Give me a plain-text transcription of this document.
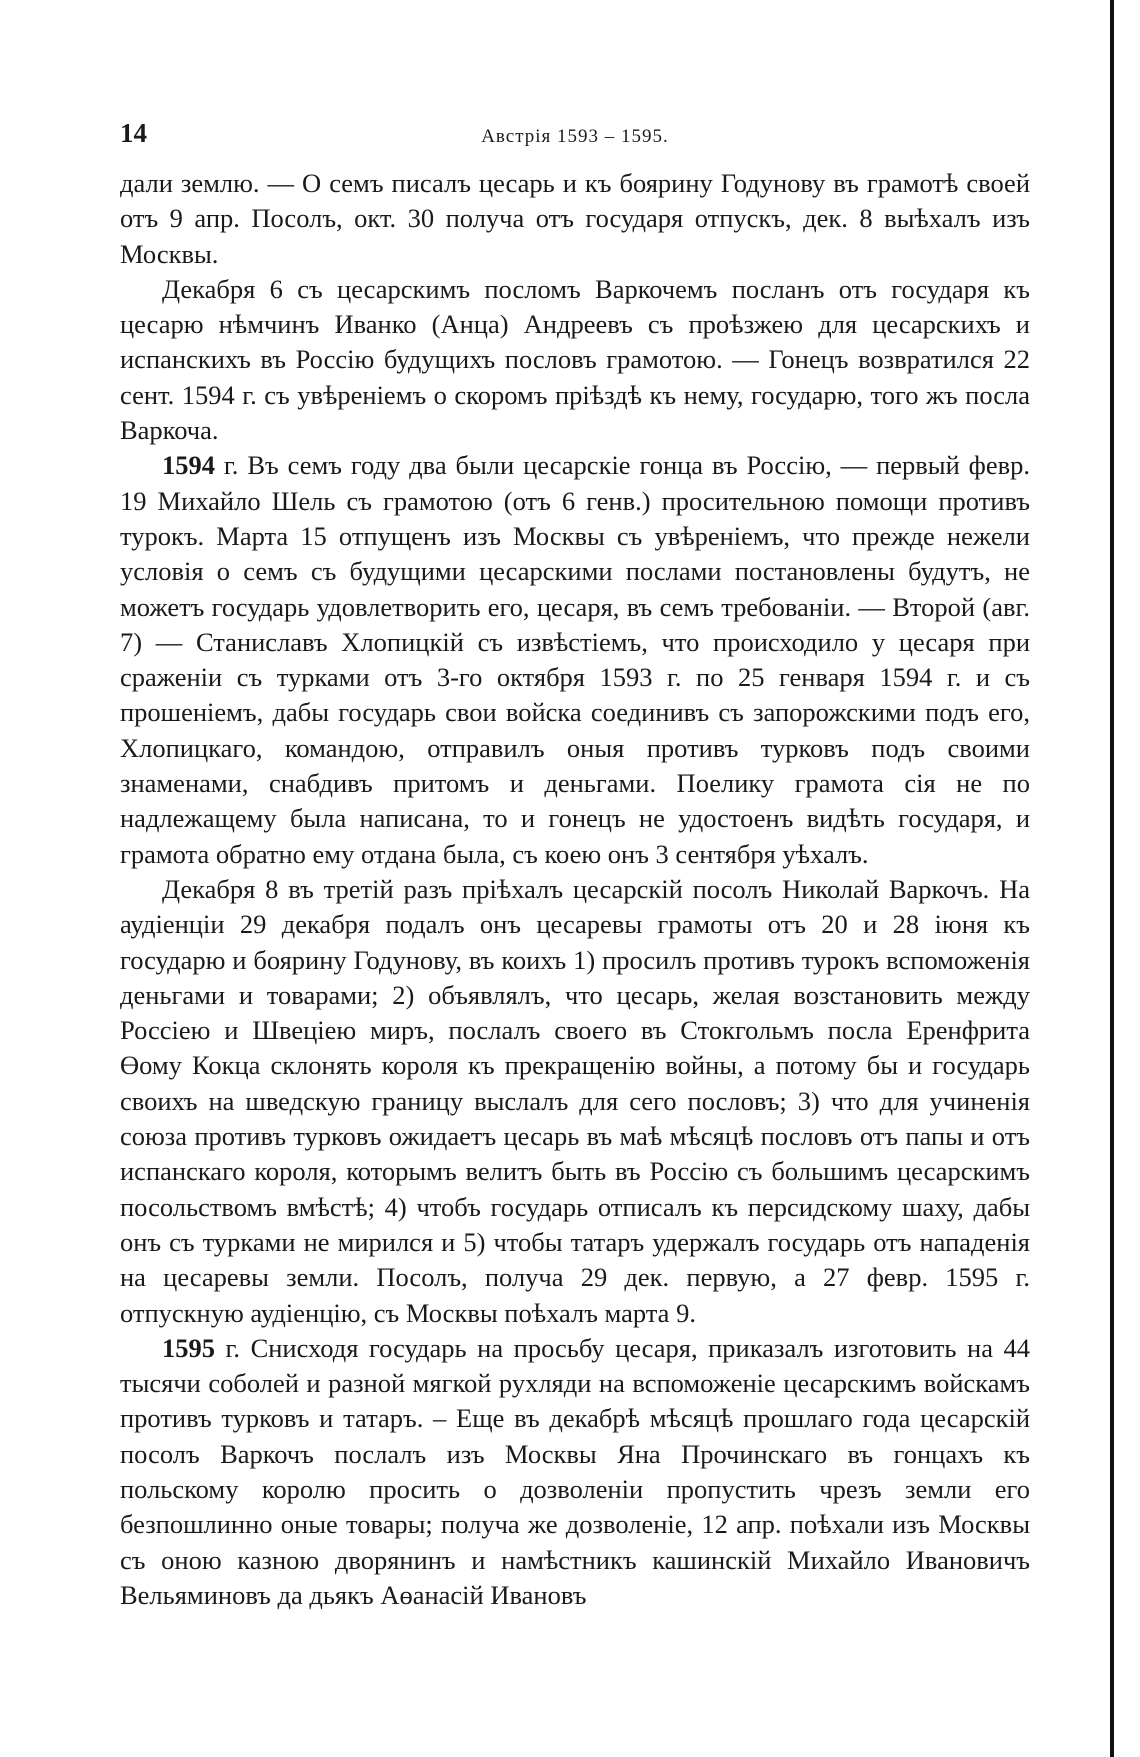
14	Австрія 1593 – 1595.

дали землю. — О семъ писалъ цесарь и къ боярину Годунову въ грамотѣ своей отъ 9 апр. Посолъ, окт. 30 получа отъ государя отпускъ, дек. 8 выѣхалъ изъ Москвы.

Декабря 6 съ цесарскимъ посломъ Варкочемъ посланъ отъ государя къ цесарю нѣмчинъ Иванко (Анца) Андреевъ съ проѣзжею для цесарскихъ и испанскихъ въ Россію будущихъ пословъ грамотою. — Гонецъ возвратился 22 сент. 1594 г. съ увѣреніемъ о скоромъ пріѣздѣ къ нему, государю, того жъ посла Варкоча.

1594 г. Въ семъ году два были цесарскіе гонца въ Россію, — первый февр. 19 Михайло Шель съ грамотою (отъ 6 генв.) просительною помощи противъ турокъ. Марта 15 отпущенъ изъ Москвы съ увѣреніемъ, что прежде нежели условія о семъ съ будущими цесарскими послами постановлены будутъ, не можетъ государь удовлетворить его, цесаря, въ семъ требованіи. — Второй (авг. 7) — Станиславъ Хлопицкій съ извѣстіемъ, что происходило у цесаря при сраженіи съ турками отъ 3-го октября 1593 г. по 25 генваря 1594 г. и съ прошеніемъ, дабы государь свои войска соединивъ съ запорожскими подъ его, Хлопицкаго, командою, отправилъ оныя противъ турковъ подъ своими знаменами, снабдивъ притомъ и деньгами. Поелику грамота сія не по надлежащему была написана, то и гонецъ не удостоенъ видѣть государя, и грамота обратно ему отдана была, съ коею онъ 3 сентября уѣхалъ.

Декабря 8 въ третій разъ пріѣхалъ цесарскій посолъ Николай Варкочъ. На аудіенціи 29 декабря подалъ онъ цесаревы грамоты отъ 20 и 28 іюня къ государю и боярину Годунову, въ коихъ 1) просилъ противъ турокъ вспоможенія деньгами и товарами; 2) объявлялъ, что цесарь, желая возстановить между Россіею и Швеціею миръ, послалъ своего въ Стокгольмъ посла Еренфрита Өому Кокца склонять короля къ прекращенію войны, а потому бы и государь своихъ на шведскую границу выслалъ для сего пословъ; 3) что для учиненія союза противъ турковъ ожидаетъ цесарь въ маѣ мѣсяцѣ пословъ отъ папы и отъ испанскаго короля, которымъ велитъ быть въ Россію съ большимъ цесарскимъ посольствомъ вмѣстѣ; 4) чтобъ государь отписалъ къ персидскому шаху, дабы онъ съ турками не мирился и 5) чтобы татаръ удержалъ государь отъ нападенія на цесаревы земли. Посолъ, получа 29 дек. первую, а 27 февр. 1595 г. отпускную аудіенцію, съ Москвы поѣхалъ марта 9.

1595 г. Снисходя государь на просьбу цесаря, приказалъ изготовить на 44 тысячи соболей и разной мягкой рухляди на вспоможеніе цесарскимъ войскамъ противъ турковъ и татаръ. – Еще въ декабрѣ мѣсяцѣ прошлаго года цесарскій посолъ Варкочъ послалъ изъ Москвы Яна Прочинскаго въ гонцахъ къ польскому королю просить о дозволеніи пропустить чрезъ земли его безпошлинно оные товары; получа же дозволеніе, 12 апр. поѣхали изъ Москвы съ оною казною дворянинъ и намѣстникъ кашинскій Михайло Ивановичъ Вельяминовъ да дьякъ Аөанасій Ивановъ
